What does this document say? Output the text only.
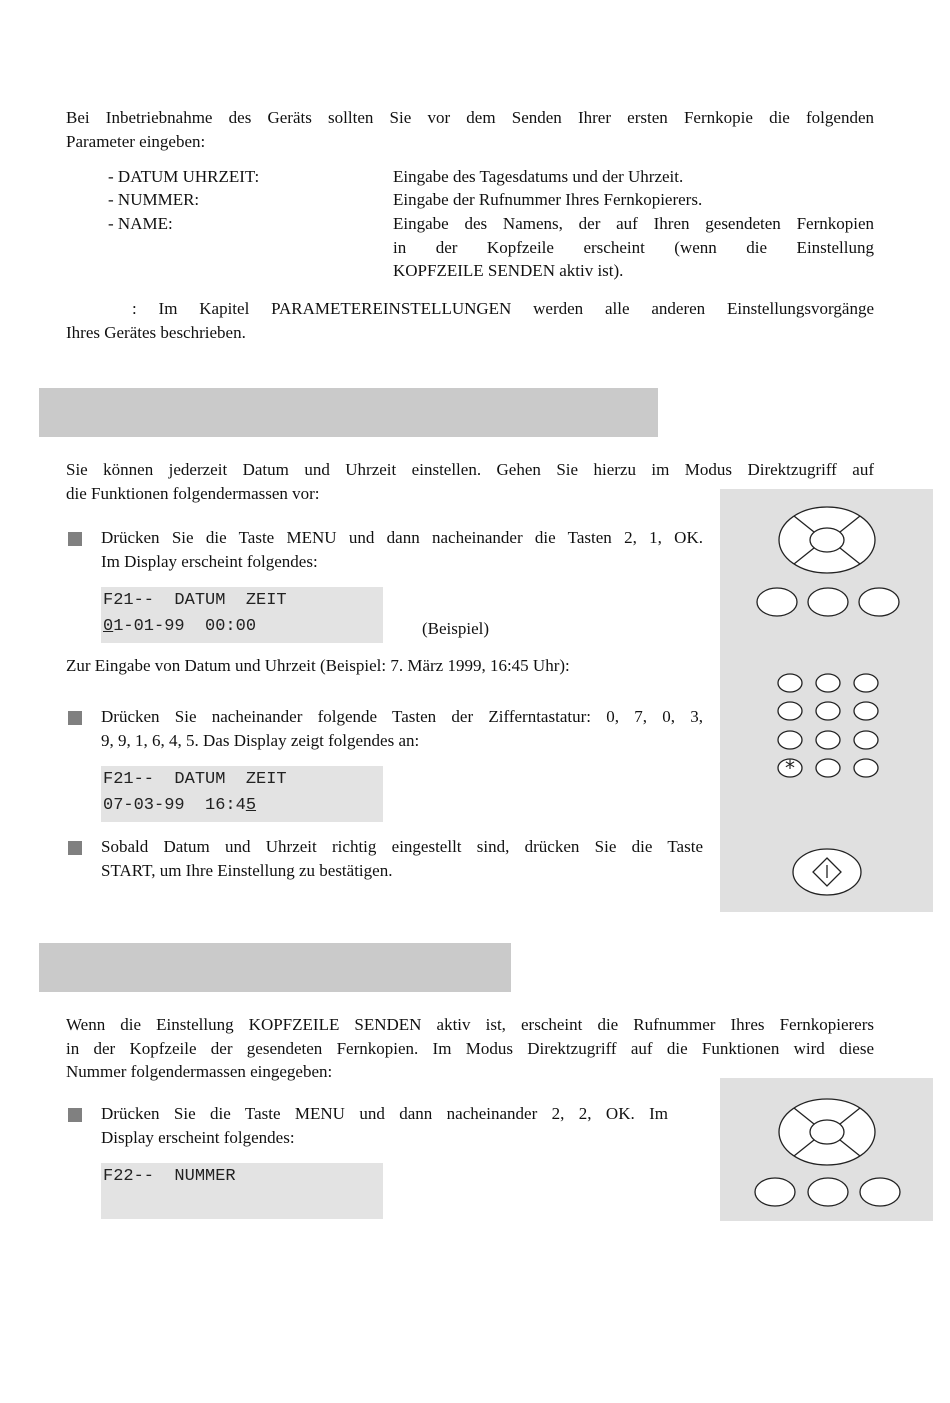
Bei Inbetriebnahme des Geräts sollten Sie vor dem Senden Ihrer ersten Fernkopie die folgenden
Parameter eingeben:
- DATUM UHRZEIT:	Eingabe des Tagesdatums und der Uhrzeit.
- NUMMER:	Eingabe der Rufnummer Ihres Fernkopierers.
- NAME:	Eingabe des Namens, der auf Ihren gesendeten Fernkopien
in der Kopfzeile erscheint (wenn die Einstellung
KOPFZEILE SENDEN aktiv ist).
: Im Kapitel PARAMETEREINSTELLUNGEN werden alle anderen Einstellungsvorgänge
Ihres Gerätes beschrieben.
Sie können jederzeit Datum und Uhrzeit einstellen. Gehen Sie hierzu im Modus Direktzugriff auf
die Funktionen folgendermassen vor:
Drücken Sie die Taste MENU und dann nacheinander die Tasten 2, 1, OK.
Im Display erscheint folgendes:
F21--  DATUM  ZEIT
01-01-99  00:00	(Beispiel)
Zur Eingabe von Datum und Uhrzeit (Beispiel: 7. März 1999, 16:45 Uhr):
Drücken Sie nacheinander folgende Tasten der Zifferntastatur: 0, 7, 0, 3,
9, 9, 1, 6, 4, 5. Das Display zeigt folgendes an:
F21--  DATUM  ZEIT
07-03-99  16:45
Sobald Datum und Uhrzeit richtig eingestellt sind, drücken Sie die Taste
START, um Ihre Einstellung zu bestätigen.
*
Wenn die Einstellung KOPFZEILE SENDEN aktiv ist, erscheint die Rufnummer Ihres Fernkopierers
in der Kopfzeile der gesendeten Fernkopien. Im Modus Direktzugriff auf die Funktionen wird diese
Nummer folgendermassen eingegeben:
Drücken Sie die Taste MENU und dann nacheinander 2, 2, OK. Im
Display erscheint folgendes:
F22--  NUMMER
